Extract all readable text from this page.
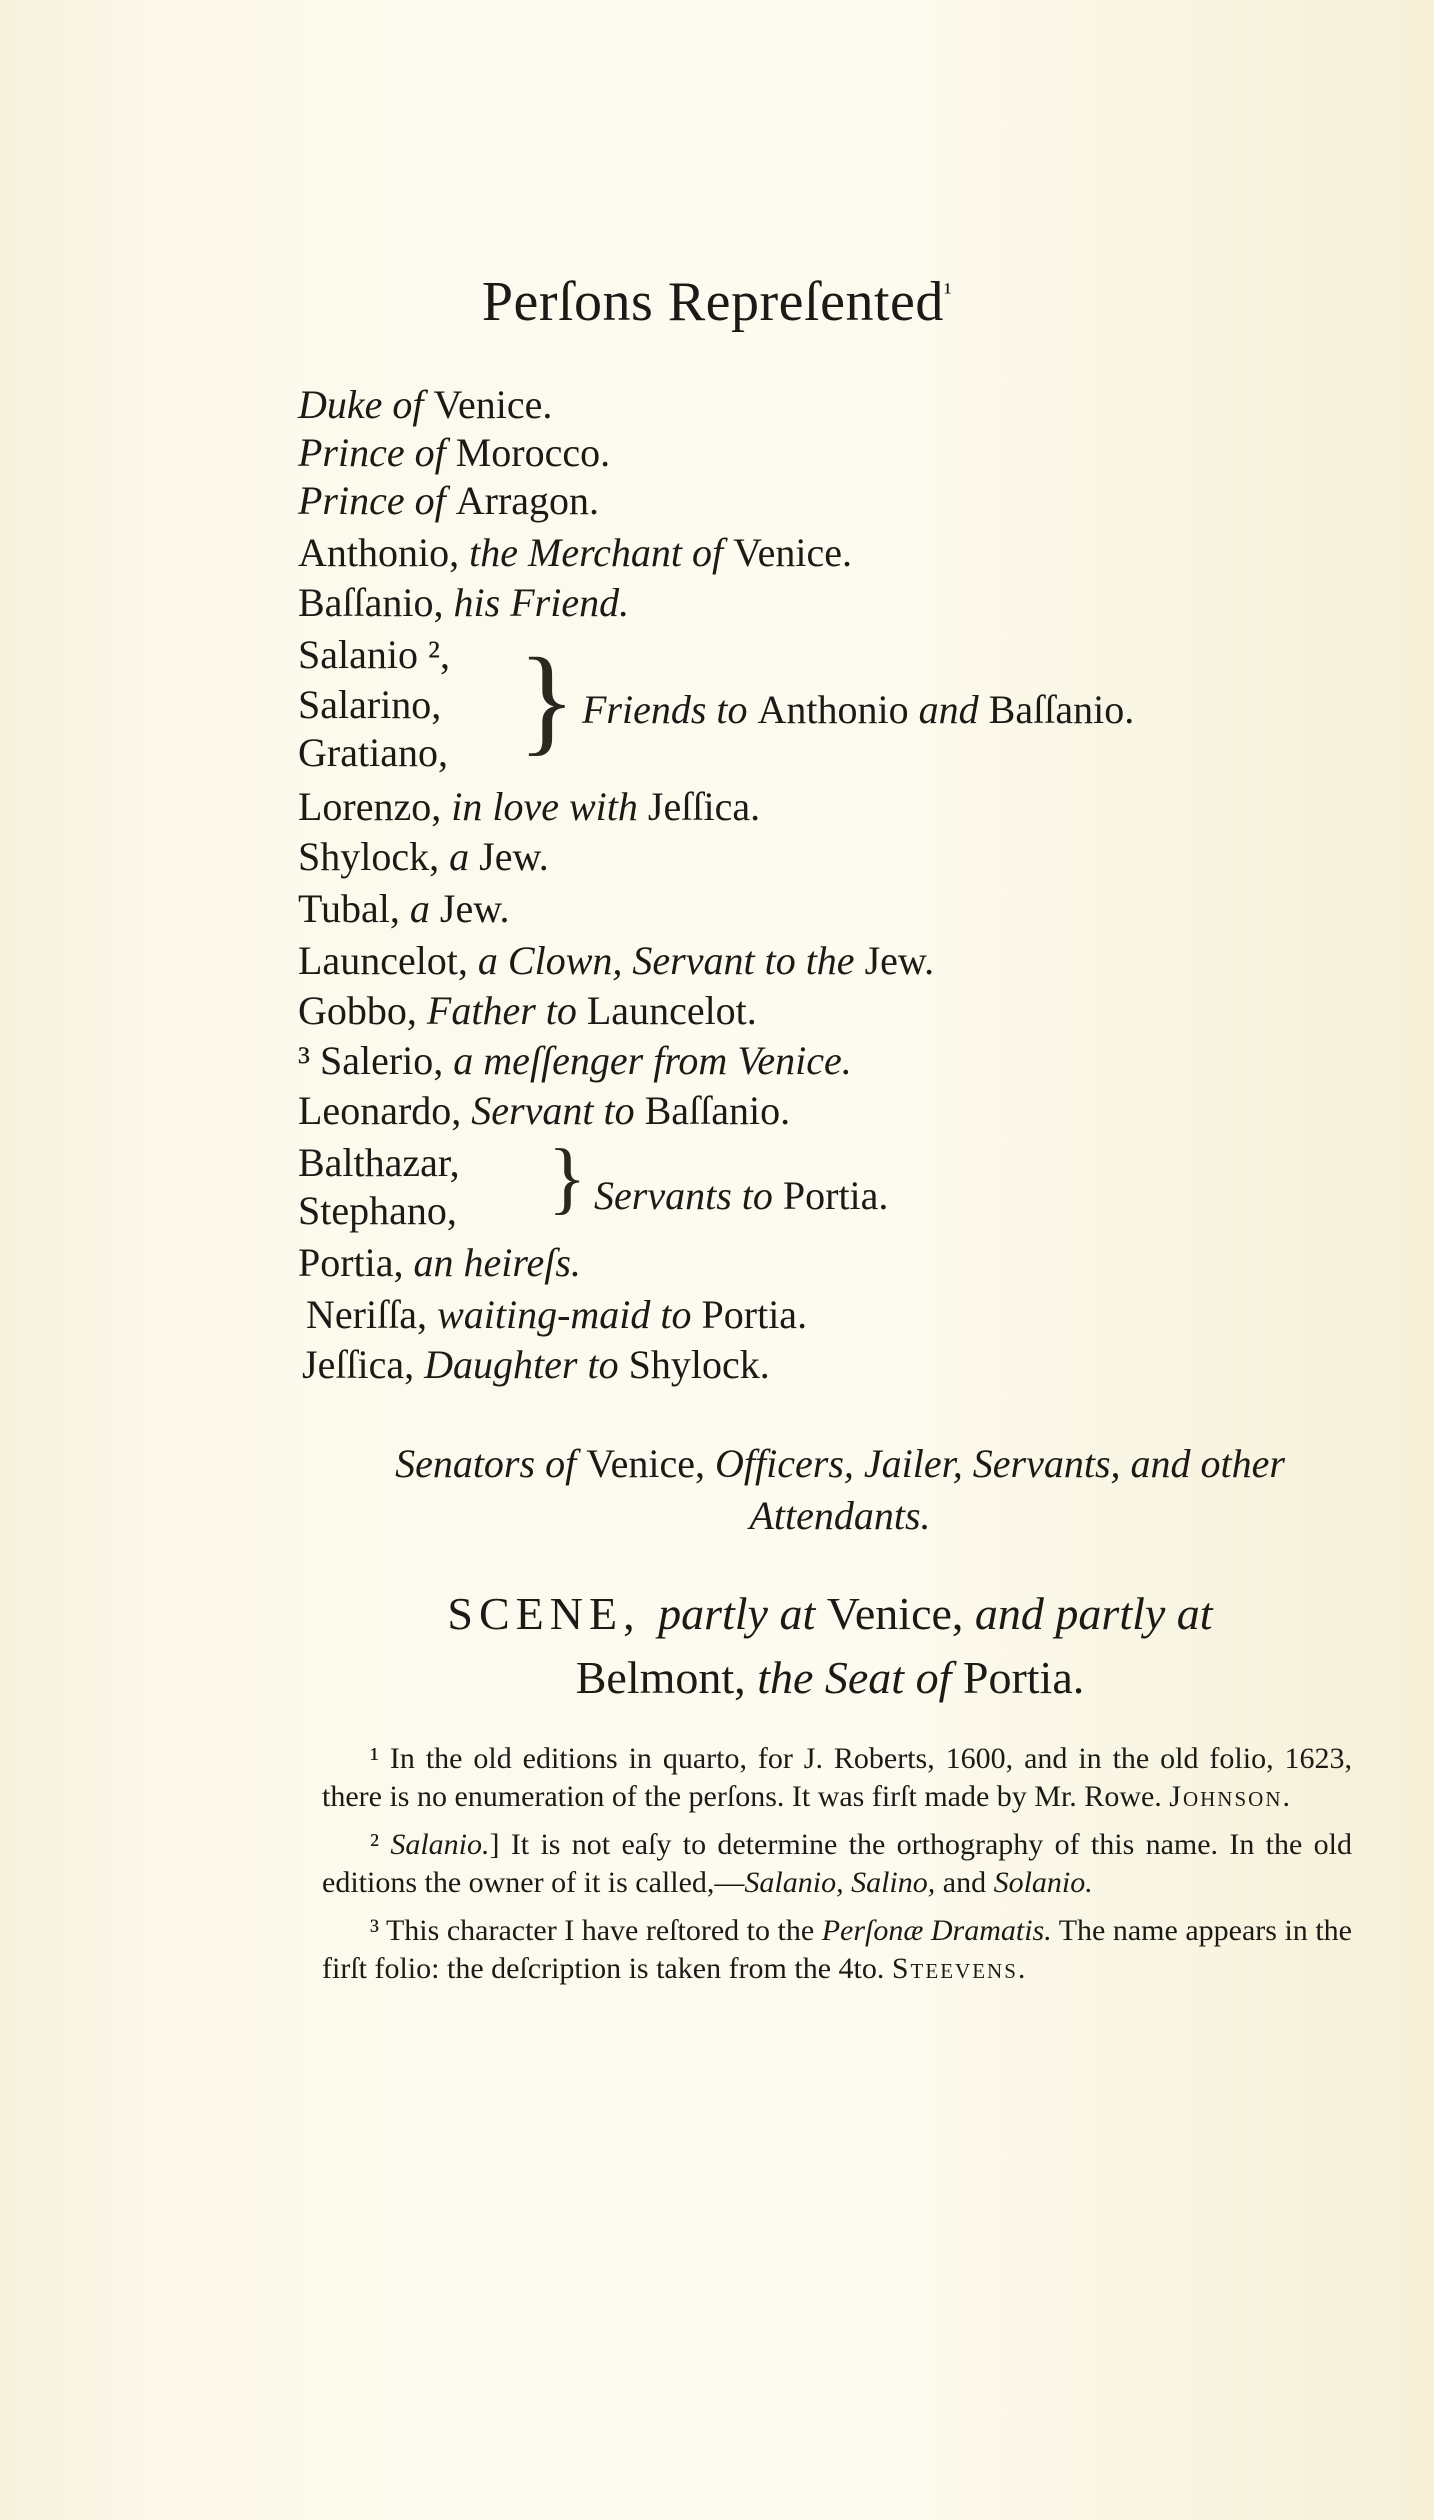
Perſons Repreſented$^{^1}$
Duke of Venice.
Prince of Morocco.
Prince of Arragon.
Anthonio, the Merchant of Venice.
Baſſanio, his Friend.
Salanio ²,
Salarino,
Gratiano,
Lorenzo, in love with Jeſſica.
Shylock, a Jew.
Tubal, a Jew.
Launcelot, a Clown, Servant to the Jew.
Gobbo, Father to Launcelot.
³ Salerio, a meſſenger from Venice.
Leonardo, Servant to Baſſanio.
Balthazar,
Stephano,
Portia, an heireſs.
Neriſſa, waiting-maid to Portia.
Jeſſica, Daughter to Shylock.
} Friends to Anthonio and Baſſanio.
} Servants to Portia.
Senators of Venice, Officers, Jailer, Servants, and other Attendants.
SCENE, partly at Venice, and partly at
Belmont, the Seat of Portia.

¹ In the old editions in quarto, for J. Roberts, 1600, and in the old folio, 1623, there is no enumeration of the perſons. It was firſt made by Mr. Rowe. Johnson.

² Salanio.] It is not eaſy to determine the orthography of this name. In the old editions the owner of it is called,—Salanio, Salino, and Solanio.

³ This character I have reſtored to the Perſonæ Dramatis. The name appears in the firſt folio: the deſcription is taken from the 4to. Steevens.
